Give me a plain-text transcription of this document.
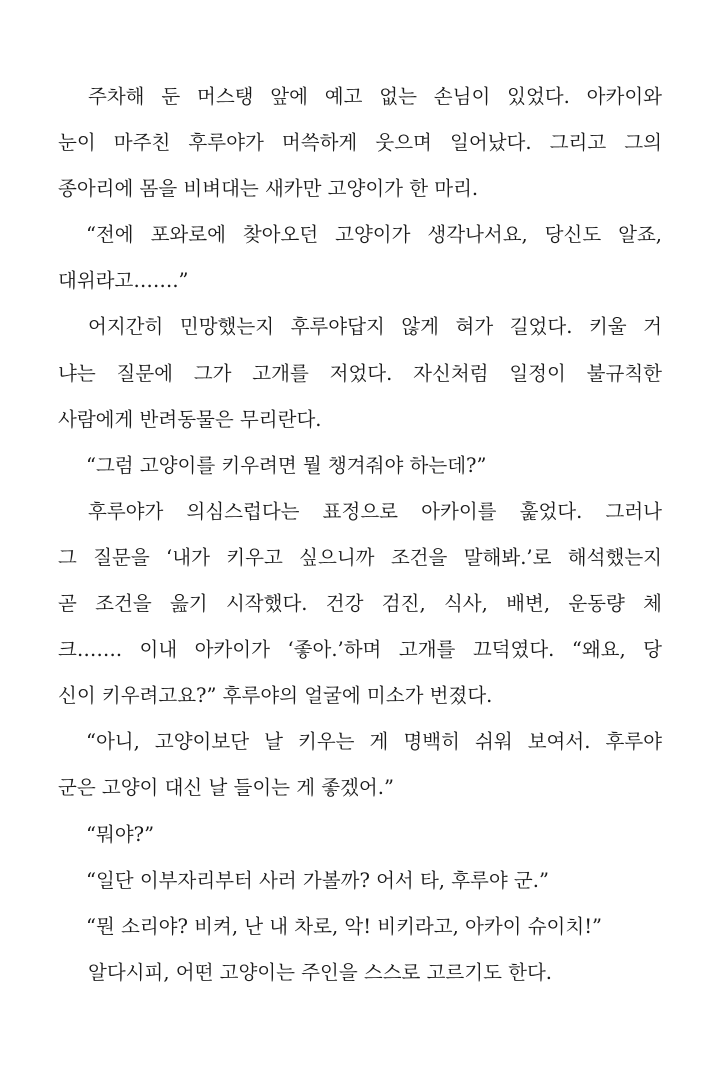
주차해 둔 머스탱 앞에 예고 없는 손님이 있었다. 아카이와
눈이 마주친 후루야가 머쓱하게 웃으며 일어났다. 그리고 그의
종아리에 몸을 비벼대는 새카만 고양이가 한 마리.
“전에 포와로에 찾아오던 고양이가 생각나서요, 당신도 알죠,
대위라고…….”
어지간히 민망했는지 후루야답지 않게 혀가 길었다. 키울 거
냐는 질문에 그가 고개를 저었다. 자신처럼 일정이 불규칙한
사람에게 반려동물은 무리란다.
“그럼 고양이를 키우려면 뭘 챙겨줘야 하는데?”
후루야가 의심스럽다는 표정으로 아카이를 훑었다. 그러나
그 질문을 ‘내가 키우고 싶으니까 조건을 말해봐.’로 해석했는지
곧 조건을 읊기 시작했다. 건강 검진, 식사, 배변, 운동량 체
크……. 이내 아카이가 ‘좋아.’하며 고개를 끄덕였다. “왜요, 당
신이 키우려고요?” 후루야의 얼굴에 미소가 번졌다.
“아니, 고양이보단 날 키우는 게 명백히 쉬워 보여서. 후루야
군은 고양이 대신 날 들이는 게 좋겠어.”
“뭐야?”
“일단 이부자리부터 사러 가볼까? 어서 타, 후루야 군.”
“뭔 소리야? 비켜, 난 내 차로, 악! 비키라고, 아카이 슈이치!”
알다시피, 어떤 고양이는 주인을 스스로 고르기도 한다.
